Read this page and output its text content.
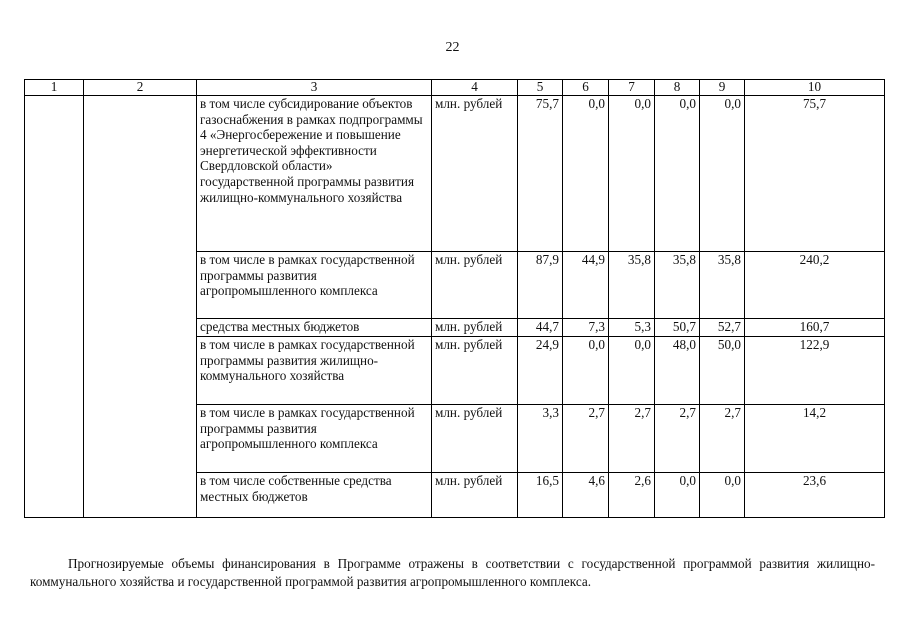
22
1	2	3	4	5	6	7	8	9	10
		в том числе субсидирование объектов газоснабжения в рамках подпрограммы 4 «Энергосбережение и повышение энергетической эффективности Свердловской области» государственной программы развития жилищно-коммунального хозяйства	млн. рублей	75,7	0,0	0,0	0,0	0,0	75,7
		в том числе в рамках государственной программы развития агропромышленного комплекса	млн. рублей	87,9	44,9	35,8	35,8	35,8	240,2
		средства местных бюджетов	млн. рублей	44,7	7,3	5,3	50,7	52,7	160,7
		в том числе в рамках государственной программы развития жилищно-коммунального хозяйства	млн. рублей	24,9	0,0	0,0	48,0	50,0	122,9
		в том числе в рамках государственной программы развития агропромышленного комплекса	млн. рублей	3,3	2,7	2,7	2,7	2,7	14,2
		в том числе собственные средства местных бюджетов	млн. рублей	16,5	4,6	2,6	0,0	0,0	23,6

Прогнозируемые объемы финансирования в Программе отражены в соответствии с государственной программой развития жилищно-коммунального хозяйства и государственной программой развития агропромышленного комплекса.
